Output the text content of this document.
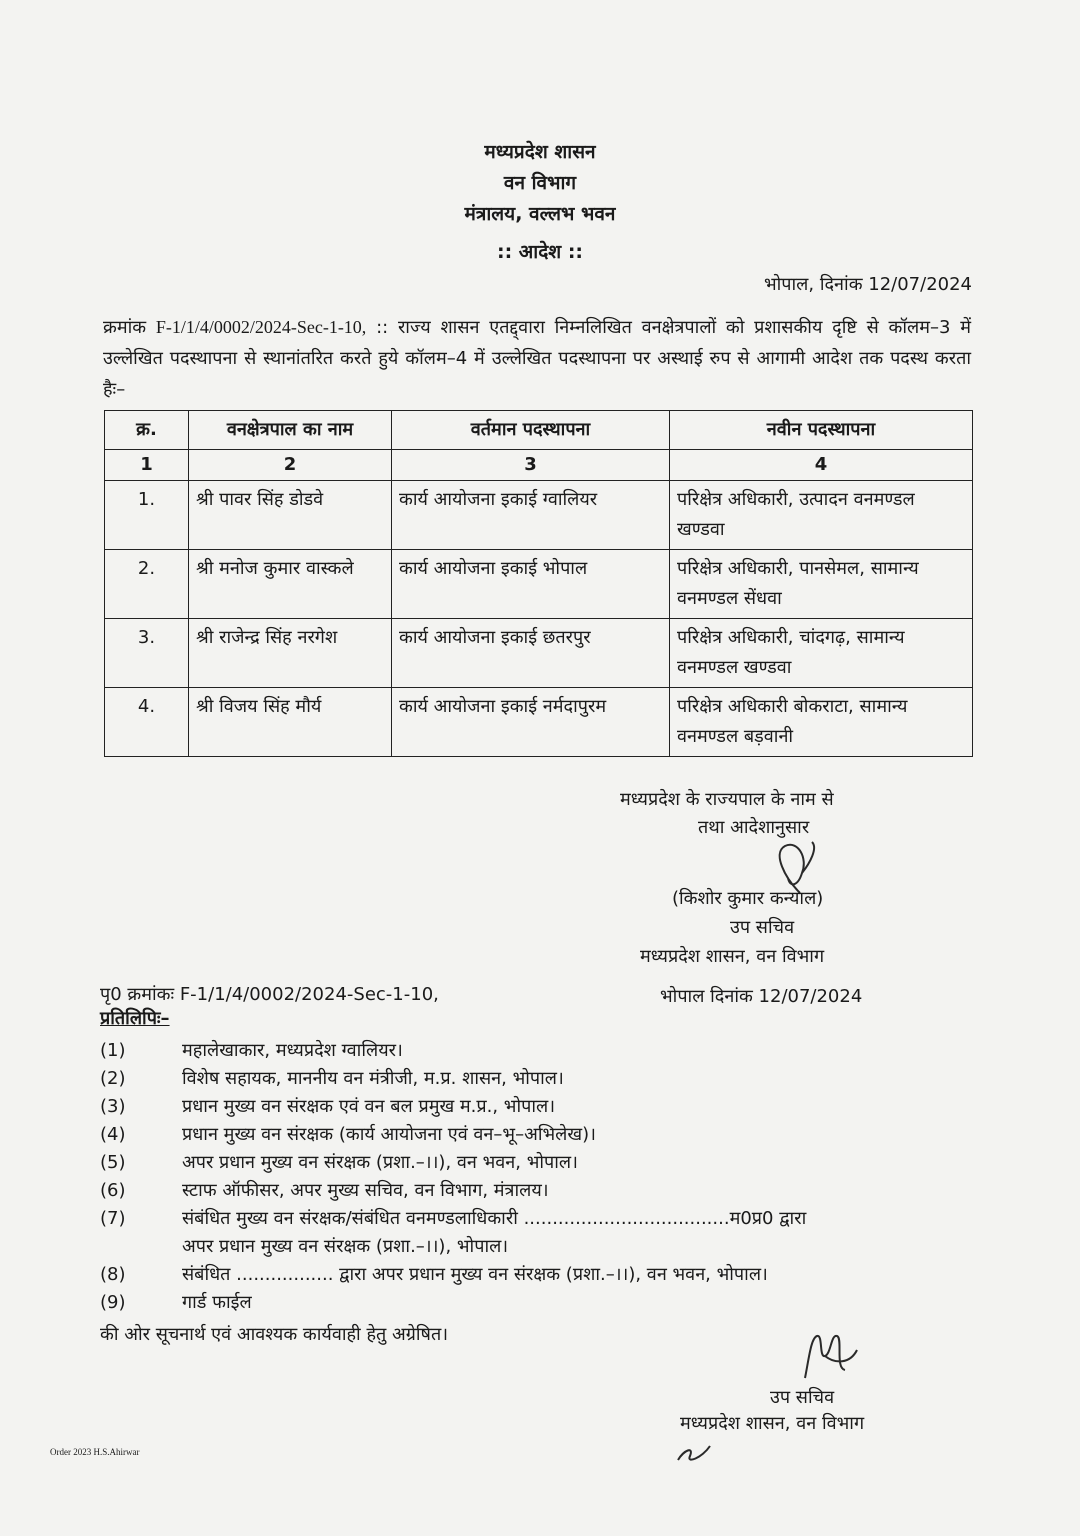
मध्यप्रदेश शासन
वन विभाग
मंत्रालय, वल्लभ भवन
:: आदेश ::
भोपाल, दिनांक 12/07/2024
क्रमांक F-1/1/4/0002/2024-Sec-1-10, :: राज्य शासन एतद्द्वारा निम्नलिखित वनक्षेत्रपालों को प्रशासकीय दृष्टि से कॉलम–3 में उल्लेखित पदस्थापना से स्थानांतरित करते हुये कॉलम–4 में उल्लेखित पदस्थापना पर अस्थाई रुप से आगामी आदेश तक पदस्थ करता हैः–
क्र.	वनक्षेत्रपाल का नाम	वर्तमान पदस्थापना	नवीन पदस्थापना
1	2	3	4
1.	श्री पावर सिंह डोडवे	कार्य आयोजना इकाई ग्वालियर	परिक्षेत्र अधिकारी, उत्पादन वनमण्डल खण्डवा
2.	श्री मनोज कुमार वास्कले	कार्य आयोजना इकाई भोपाल	परिक्षेत्र अधिकारी, पानसेमल, सामान्य वनमण्डल सेंधवा
3.	श्री राजेन्द्र सिंह नरगेश	कार्य आयोजना इकाई छतरपुर	परिक्षेत्र अधिकारी, चांदगढ़, सामान्य वनमण्डल खण्डवा
4.	श्री विजय सिंह मौर्य	कार्य आयोजना इकाई नर्मदापुरम	परिक्षेत्र अधिकारी बोकराटा, सामान्य वनमण्डल बड़वानी
मध्यप्रदेश के राज्यपाल के नाम से
तथा आदेशानुसार
(किशोर कुमार कन्याल)
उप सचिव
मध्यप्रदेश शासन, वन विभाग
पृ0 क्रमांकः F-1/1/4/0002/2024-Sec-1-10,	भोपाल दिनांक 12/07/2024
प्रतिलिपिः–
(1)	महालेखाकार, मध्यप्रदेश ग्वालियर।
(2)	विशेष सहायक, माननीय वन मंत्रीजी, म.प्र. शासन, भोपाल।
(3)	प्रधान मुख्य वन संरक्षक एवं वन बल प्रमुख म.प्र., भोपाल।
(4)	प्रधान मुख्य वन संरक्षक (कार्य आयोजना एवं वन–भू–अभिलेख)।
(5)	अपर प्रधान मुख्य वन संरक्षक (प्रशा.–।।), वन भवन, भोपाल।
(6)	स्टाफ ऑफीसर, अपर मुख्य सचिव, वन विभाग, मंत्रालय।
(7)	संबंधित मुख्य वन संरक्षक/संबंधित वनमण्डलाधिकारी ....................................म0प्र0 द्वारा
अपर प्रधान मुख्य वन संरक्षक (प्रशा.–।।), भोपाल।
(8)	संबंधित ................. द्वारा अपर प्रधान मुख्य वन संरक्षक (प्रशा.–।।), वन भवन, भोपाल।
(9)	गार्ड फाईल
की ओर सूचनार्थ एवं आवश्यक कार्यवाही हेतु अग्रेषित।
उप सचिव
मध्यप्रदेश शासन, वन विभाग
Order 2023 H.S.Ahirwar
